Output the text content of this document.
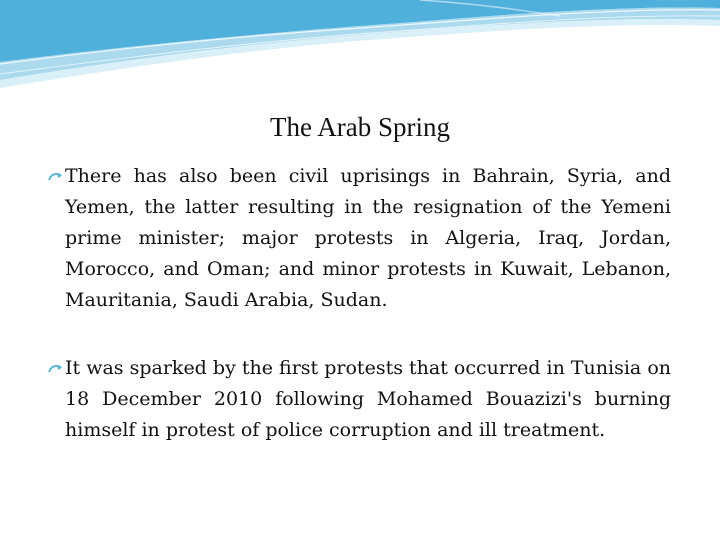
The Arab Spring
There has also been civil uprisings in Bahrain, Syria, and Yemen, the latter resulting in the resignation of the Yemeni prime minister; major protests in Algeria, Iraq, Jordan, Morocco, and Oman; and minor protests in Kuwait, Lebanon, Mauritania, Saudi Arabia, Sudan.
It was sparked by the first protests that occurred in Tunisia on 18 December 2010 following Mohamed Bouazizi's burning himself in protest of police corruption and ill treatment.
